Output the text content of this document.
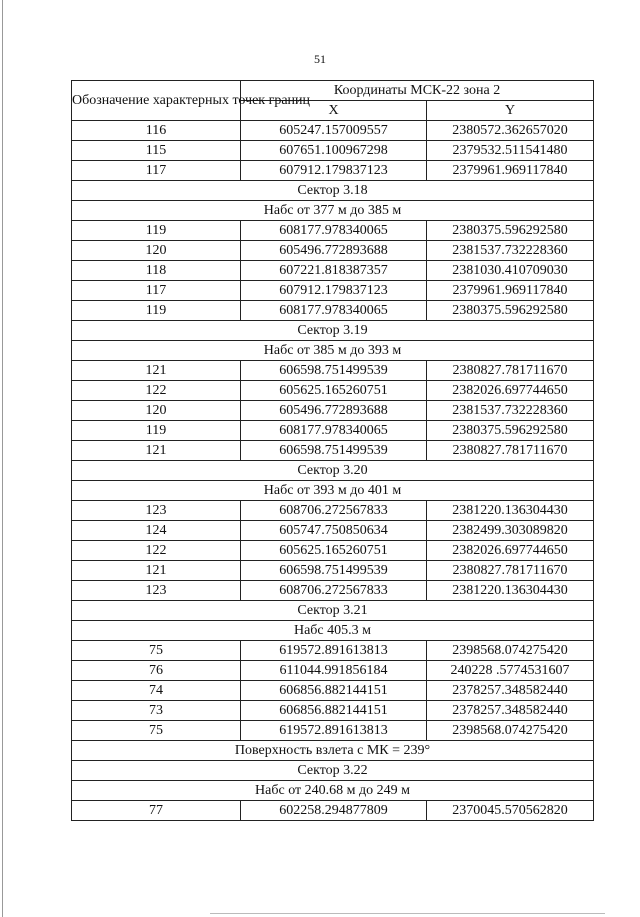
51
Обозначение характерных точек границ	Координаты МСК-22 зона 2	
	X	Y
116	605247.157009557	2380572.362657020
115	607651.100967298	2379532.511541480
117	607912.179837123	2379961.969117840
Сектор 3.18		
Набс от 377 м до 385 м		
119	608177.978340065	2380375.596292580
120	605496.772893688	2381537.732228360
118	607221.818387357	2381030.410709030
117	607912.179837123	2379961.969117840
119	608177.978340065	2380375.596292580
Сектор 3.19		
Набс от 385 м до 393 м		
121	606598.751499539	2380827.781711670
122	605625.165260751	2382026.697744650
120	605496.772893688	2381537.732228360
119	608177.978340065	2380375.596292580
121	606598.751499539	2380827.781711670
Сектор 3.20		
Набс от 393 м до 401 м		
123	608706.272567833	2381220.136304430
124	605747.750850634	2382499.303089820
122	605625.165260751	2382026.697744650
121	606598.751499539	2380827.781711670
123	608706.272567833	2381220.136304430
Сектор 3.21		
Набс 405.3 м		
75	619572.891613813	2398568.074275420
76	611044.991856184	240228 .5774531607
74	606856.882144151	2378257.348582440
73	606856.882144151	2378257.348582440
75	619572.891613813	2398568.074275420
Поверхность взлета с МК = 239°		
Сектор 3.22		
Набс от 240.68 м до 249 м		
77	602258.294877809	2370045.570562820
